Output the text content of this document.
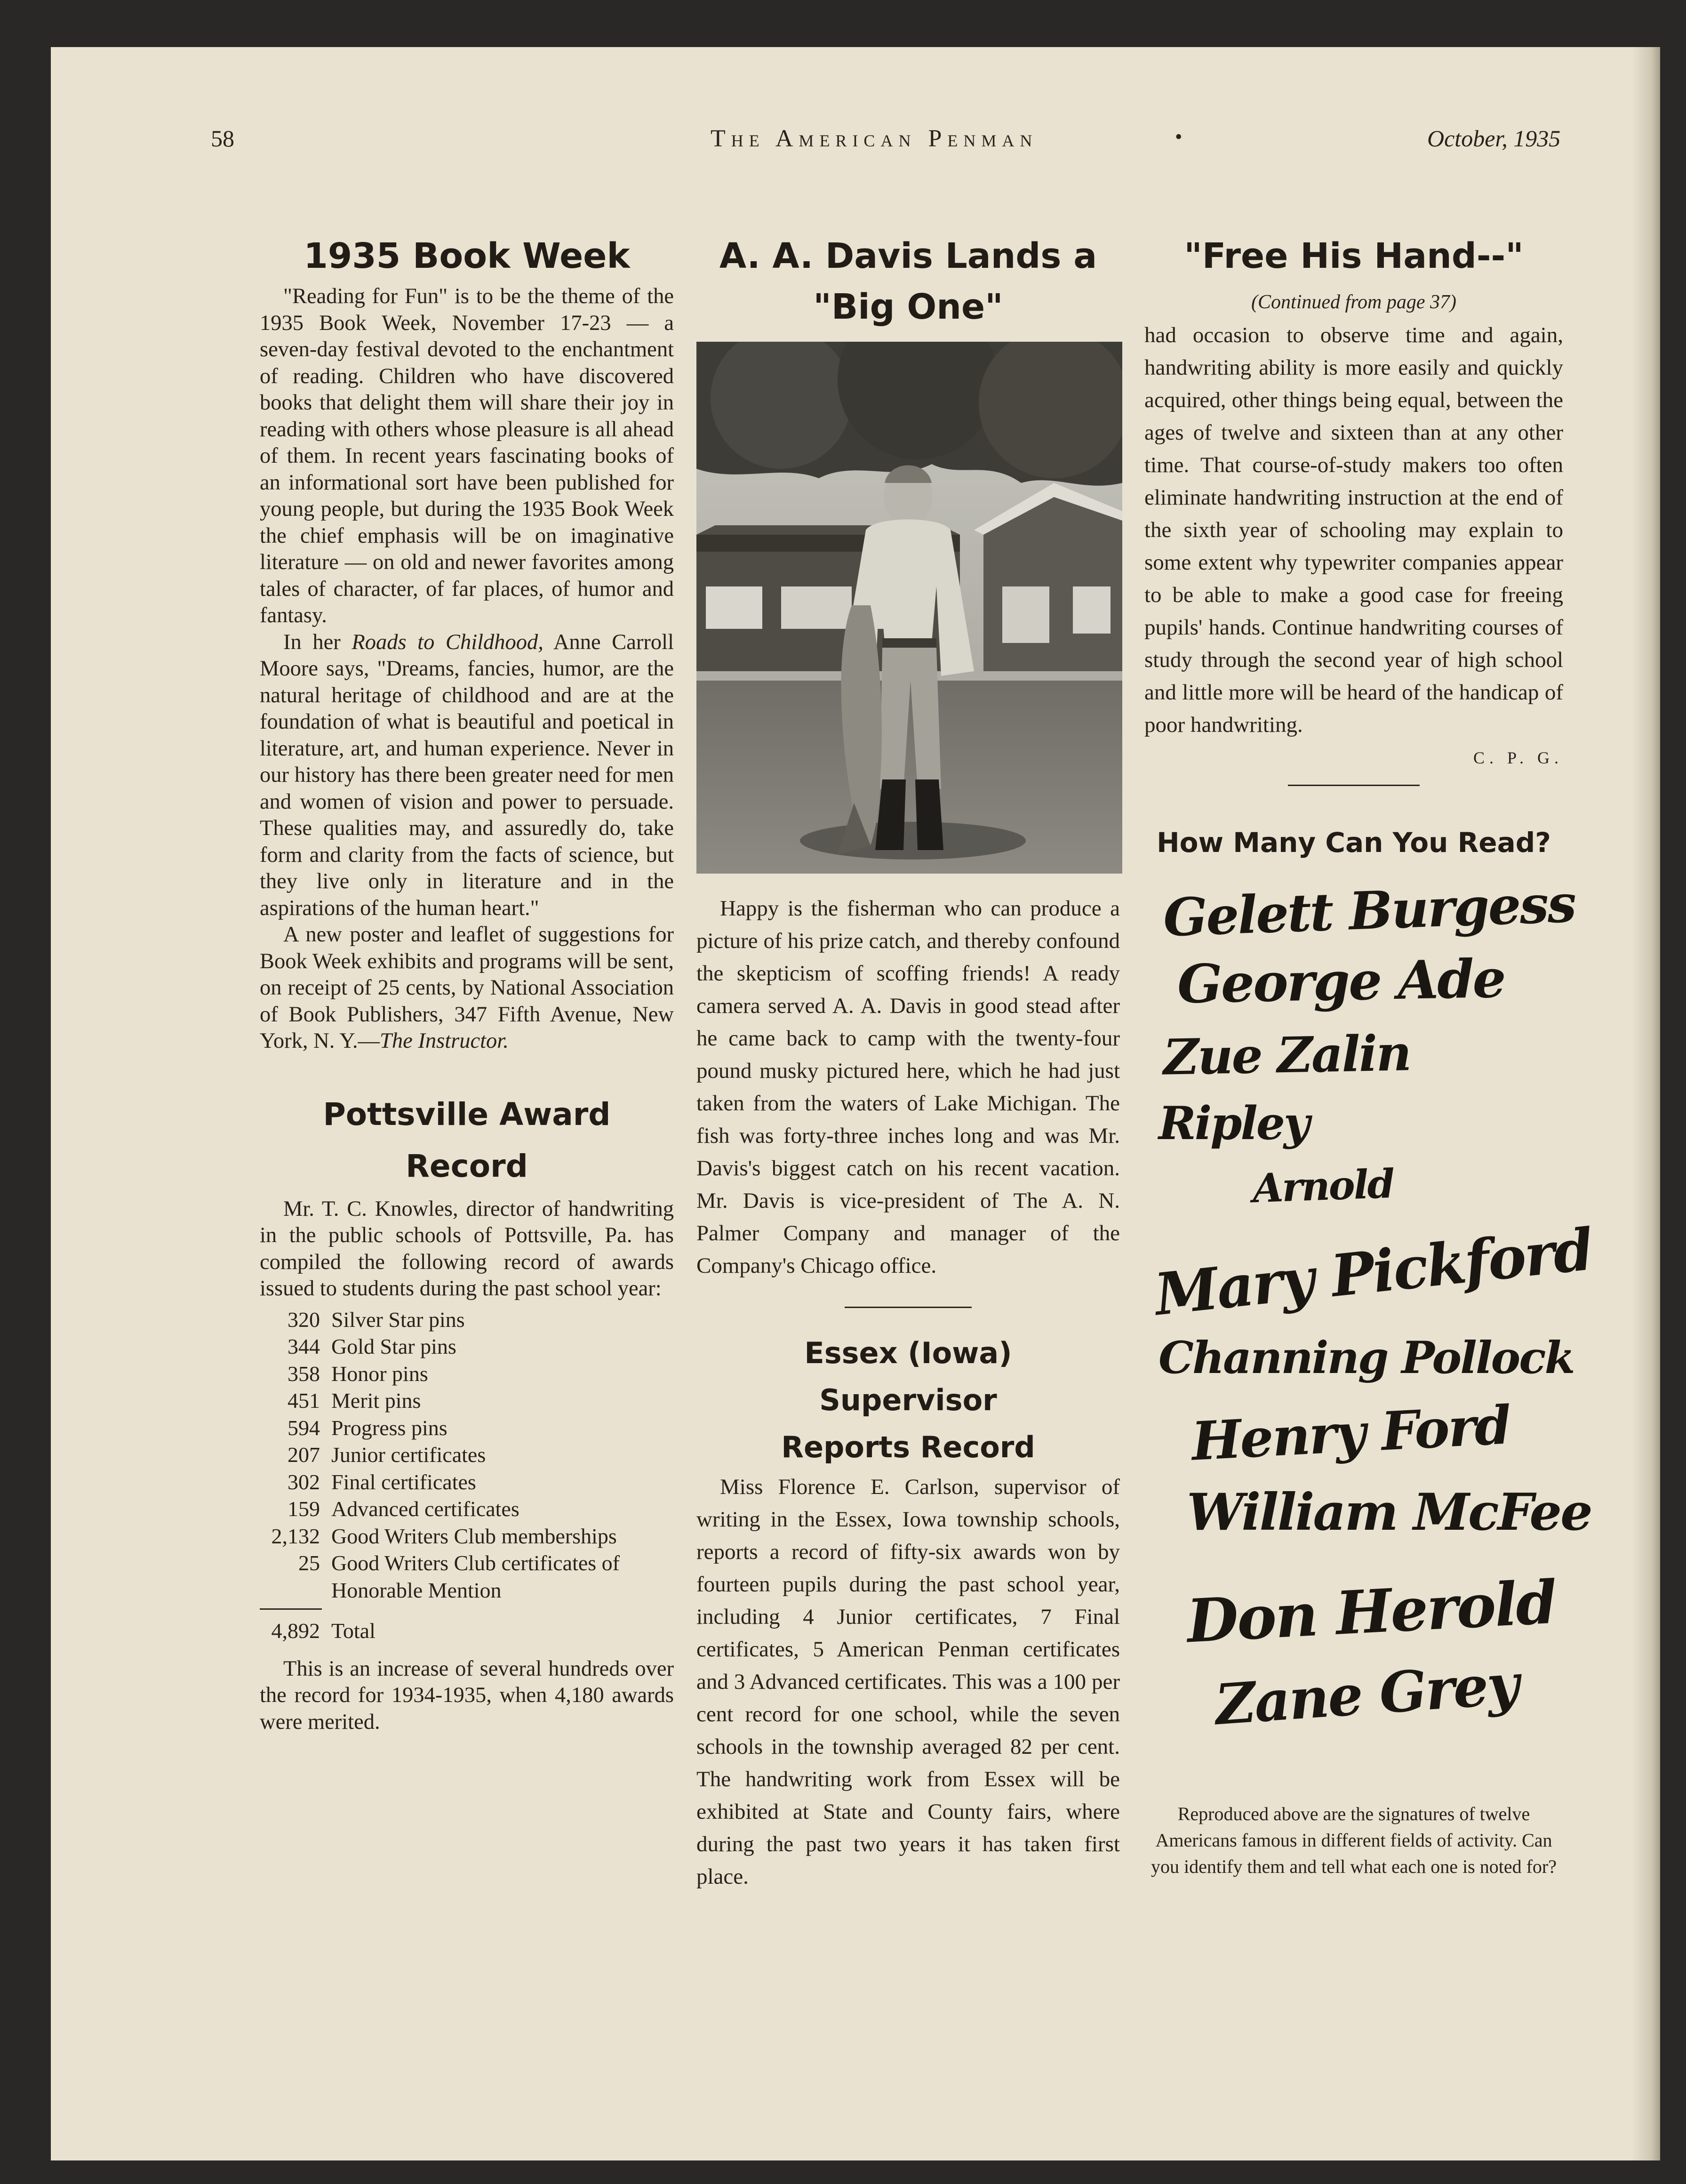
58	The American Penman	•	October, 1935
1935 Book Week

"Reading for Fun" is to be the theme of the 1935 Book Week, November 17-23 — a seven-day festival devoted to the enchantment of reading. Children who have discovered books that delight them will share their joy in reading with others whose pleasure is all ahead of them. In recent years fascinating books of an informational sort have been published for young people, but during the 1935 Book Week the chief emphasis will be on imaginative literature — on old and newer favorites among tales of character, of far places, of humor and fantasy.

In her Roads to Childhood, Anne Carroll Moore says, "Dreams, fancies, humor, are the natural heritage of childhood and are at the foundation of what is beautiful and poetical in literature, art, and human experience. Never in our history has there been greater need for men and women of vision and power to persuade. These qualities may, and assuredly do, take form and clarity from the facts of science, but they live only in literature and in the aspirations of the human heart."

A new poster and leaflet of suggestions for Book Week exhibits and programs will be sent, on receipt of 25 cents, by National Association of Book Publishers, 347 Fifth Avenue, New York, N. Y.—The Instructor.

Pottsville Award
Record

Mr. T. C. Knowles, director of handwriting in the public schools of Pottsville, Pa. has compiled the following record of awards issued to students during the past school year:

320 Silver Star pins
344 Gold Star pins
358 Honor pins
451 Merit pins
594 Progress pins
207 Junior certificates
302 Final certificates
159 Advanced certificates
2,132 Good Writers Club memberships
25 Good Writers Club certificates of Honorable Mention
4,892 Total

This is an increase of several hundreds over the record for 1934-1935, when 4,180 awards were merited.

A. A. Davis Lands a
"Big One"

Happy is the fisherman who can produce a picture of his prize catch, and thereby confound the skepticism of scoffing friends! A ready camera served A. A. Davis in good stead after he came back to camp with the twenty-four pound musky pictured here, which he had just taken from the waters of Lake Michigan. The fish was forty-three inches long and was Mr. Davis's biggest catch on his recent vacation. Mr. Davis is vice-president of The A. N. Palmer Company and manager of the Company's Chicago office.

Essex (Iowa)
Supervisor
Reports Record

Miss Florence E. Carlson, supervisor of writing in the Essex, Iowa township schools, reports a record of fifty-six awards won by fourteen pupils during the past school year, including 4 Junior certificates, 7 Final certificates, 5 American Penman certificates and 3 Advanced certificates. This was a 100 per cent record for one school, while the seven schools in the township averaged 82 per cent. The handwriting work from Essex will be exhibited at State and County fairs, where during the past two years it has taken first place.

"Free His Hand--"
(Continued from page 37)

had occasion to observe time and again, handwriting ability is more easily and quickly acquired, other things being equal, between the ages of twelve and sixteen than at any other time. That course-of-study makers too often eliminate handwriting instruction at the end of the sixth year of schooling may explain to some extent why typewriter companies appear to be able to make a good case for freeing pupils' hands. Continue handwriting courses of study through the second year of high school and little more will be heard of the handicap of poor handwriting.

C. P. G.
How Many Can You Read?
Gelett Burgess
George Ade
Zue Zalin
Ripley
Arnold
Mary Pickford
Channing Pollock
Henry Ford
William McFee
Don Herold
Zane Grey
Reproduced above are the signatures of twelve Americans famous in different fields of activity. Can you identify them and tell what each one is noted for?
